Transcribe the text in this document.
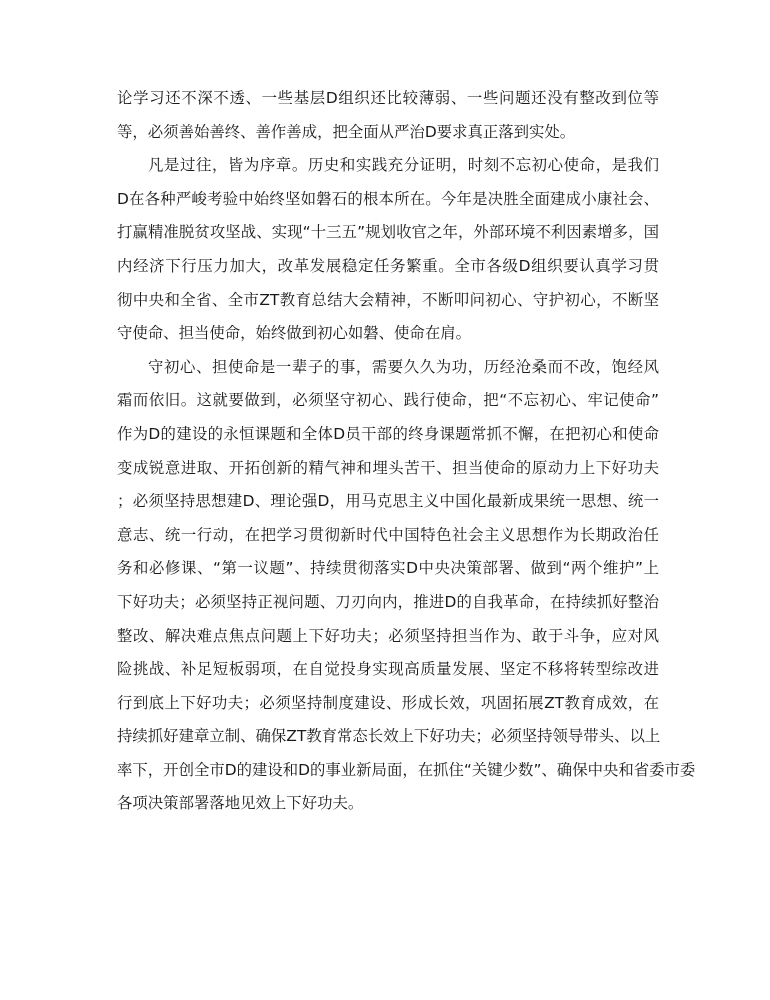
论学习还不深不透、一些基层D组织还比较薄弱、一些问题还没有整改到位等
等，必须善始善终、善作善成，把全面从严治D要求真正落到实处。
凡是过往，皆为序章。历史和实践充分证明，时刻不忘初心使命，是我们
D在各种严峻考验中始终坚如磐石的根本所在。今年是决胜全面建成小康社会、
打赢精准脱贫攻坚战、实现“十三五”规划收官之年，外部环境不利因素增多，国
内经济下行压力加大，改革发展稳定任务繁重。全市各级D组织要认真学习贯
彻中央和全省、全市ZT教育总结大会精神，不断叩问初心、守护初心，不断坚
守使命、担当使命，始终做到初心如磐、使命在肩。
守初心、担使命是一辈子的事，需要久久为功，历经沧桑而不改，饱经风
霜而依旧。这就要做到，必须坚守初心、践行使命，把“不忘初心、牢记使命”
作为D的建设的永恒课题和全体D员干部的终身课题常抓不懈，在把初心和使命
变成锐意进取、开拓创新的精气神和埋头苦干、担当使命的原动力上下好功夫
；必须坚持思想建D、理论强D，用马克思主义中国化最新成果统一思想、统一
意志、统一行动，在把学习贯彻新时代中国特色社会主义思想作为长期政治任
务和必修课、“第一议题”、持续贯彻落实D中央决策部署、做到“两个维护”上
下好功夫；必须坚持正视问题、刀刃向内，推进D的自我革命，在持续抓好整治
整改、解决难点焦点问题上下好功夫；必须坚持担当作为、敢于斗争，应对风
险挑战、补足短板弱项，在自觉投身实现高质量发展、坚定不移将转型综改进
行到底上下好功夫；必须坚持制度建设、形成长效，巩固拓展ZT教育成效，在
持续抓好建章立制、确保ZT教育常态长效上下好功夫；必须坚持领导带头、以上
率下，开创全市D的建设和D的事业新局面，在抓住“关键少数”、确保中央和省委市委
各项决策部署落地见效上下好功夫。
